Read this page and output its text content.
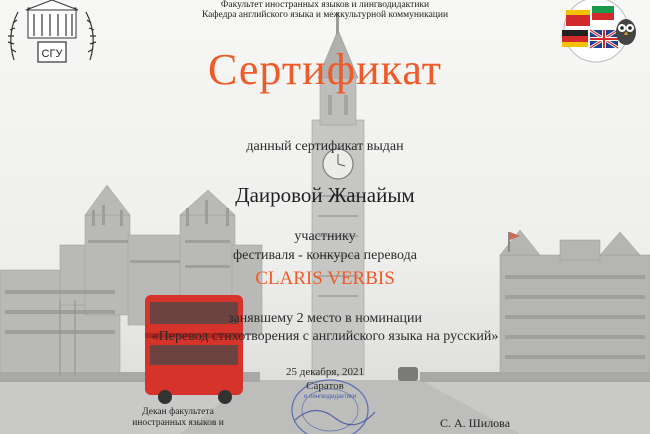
СГУ
Факультет иностранных языков и лингводидактики
Кафедра английского языка и межкультурной коммуникации
Сертификат
данный сертификат выдан
Даировой Жанайым
участнику
фестиваля - конкурса перевода
CLARIS VERBIS
занявшему 2 место в номинации
«Перевод стихотворения с английского языка на русский»
и лингводидактики
25 декабря, 2021
Саратов
Декан факультета
иностранных языков и	С. А. Шилова
